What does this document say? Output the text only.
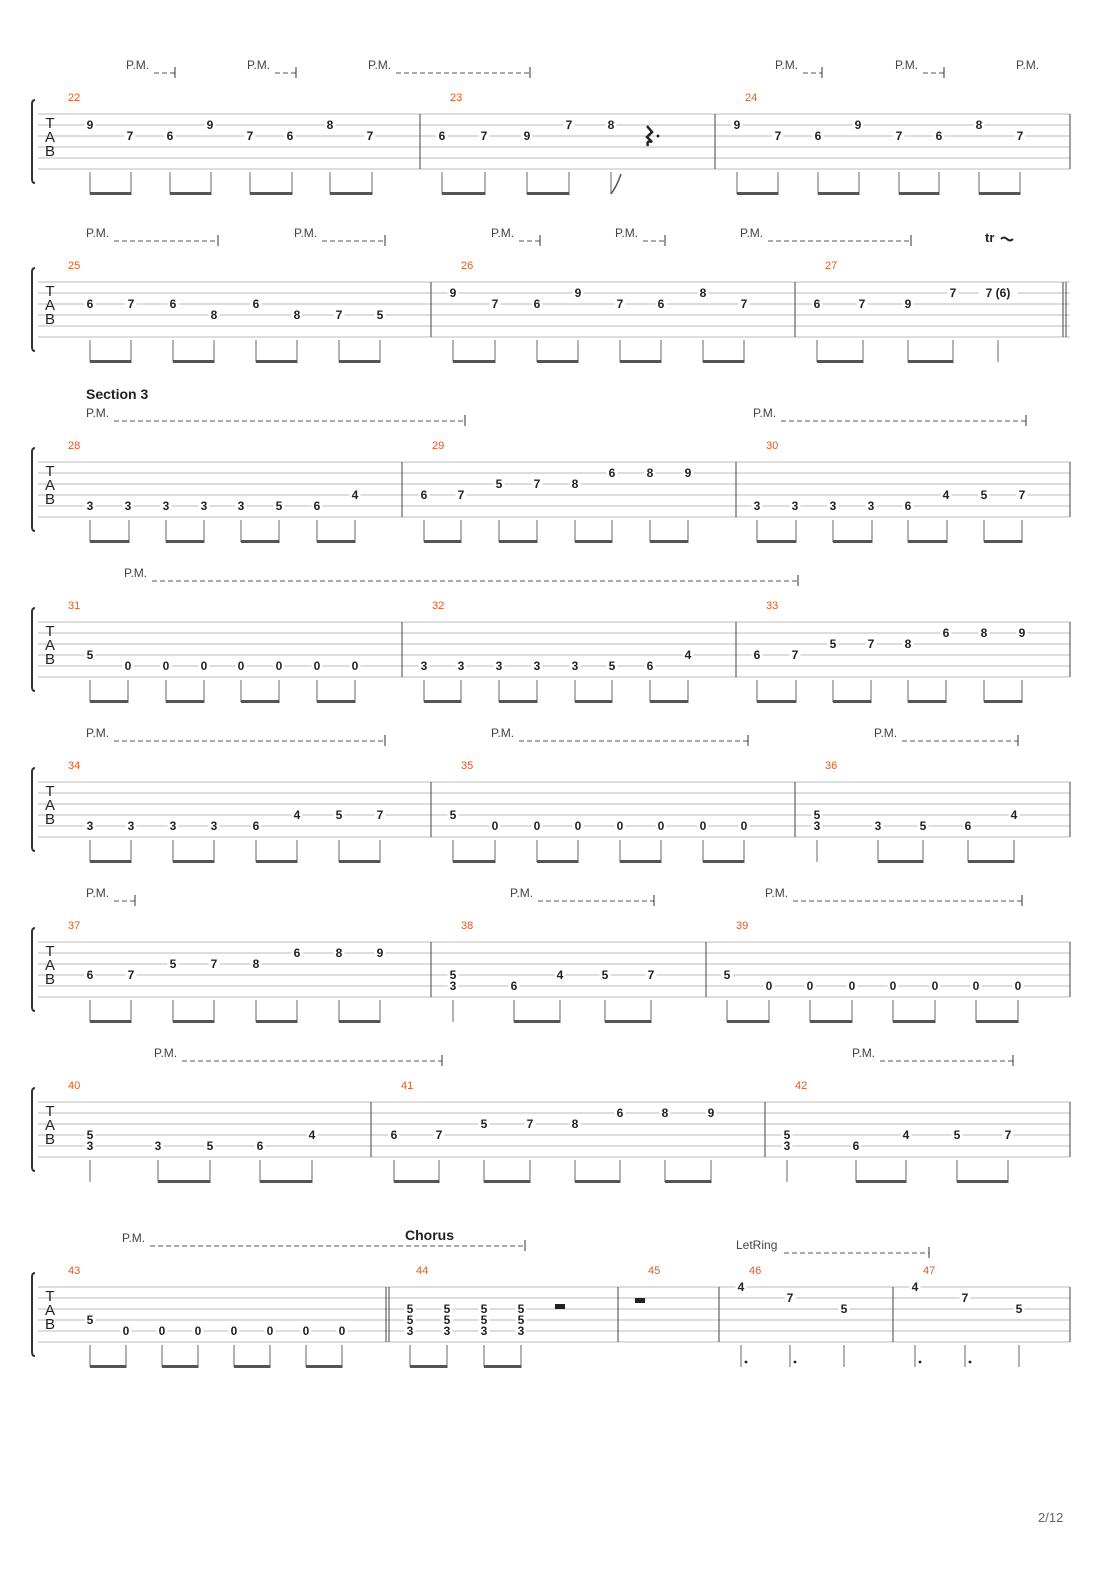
T
A
B
P.M.	P.M.	P.M.	P.M.	P.M.	P.M.
22
9
7	6
9
7	6
8
7
23
6	7	9
7	8
24
9
7	6
9
7	6
8
7
T
A
B
P.M.	P.M.	P.M.	P.M.	P.M.	tr
25
6	7	6
8
6
8	7	5
26
9
7	6
9
7	6
8
7
27
6	7	9
7 7 (6)
T
A
B
Section 3
P.M.	P.M.
28
3	3	3	3	3	5	6
4
29
6	7
5	7	8
6	8	9
30
3	3	3	3	6
4	5	7
T
A
B
P.M.
31
5
0	0	0	0	0	0	0
32
3	3	3	3	3	5	6
4
33
6	7
5	7	8
6	8	9
T
A
B
P.M.	P.M.	P.M.
34
3	3	3	3	6
4	5	7
35
5
0	0	0	0	0	0	0
36
5
3	3	5	6
4
T
A
B
P.M.	P.M.	P.M.
37
6	7
5	7	8
6	8	9
38
5
3	6
4	5	7
39
5
0	0	0	0	0	0	0
T
A
B
P.M.	P.M.
40
5
3	3	5	6
4
41
6	7
5	7	8
6	8	9
42
5
3	6
4	5	7
T
A
B
P.M.	Chorus
LetRing
43
5
0 0 0 0 0 0 0
44
5
5
3
5
5
3
5
5
3
5
5
3
45	46
4
7
5
47
4
7
5
2/12
